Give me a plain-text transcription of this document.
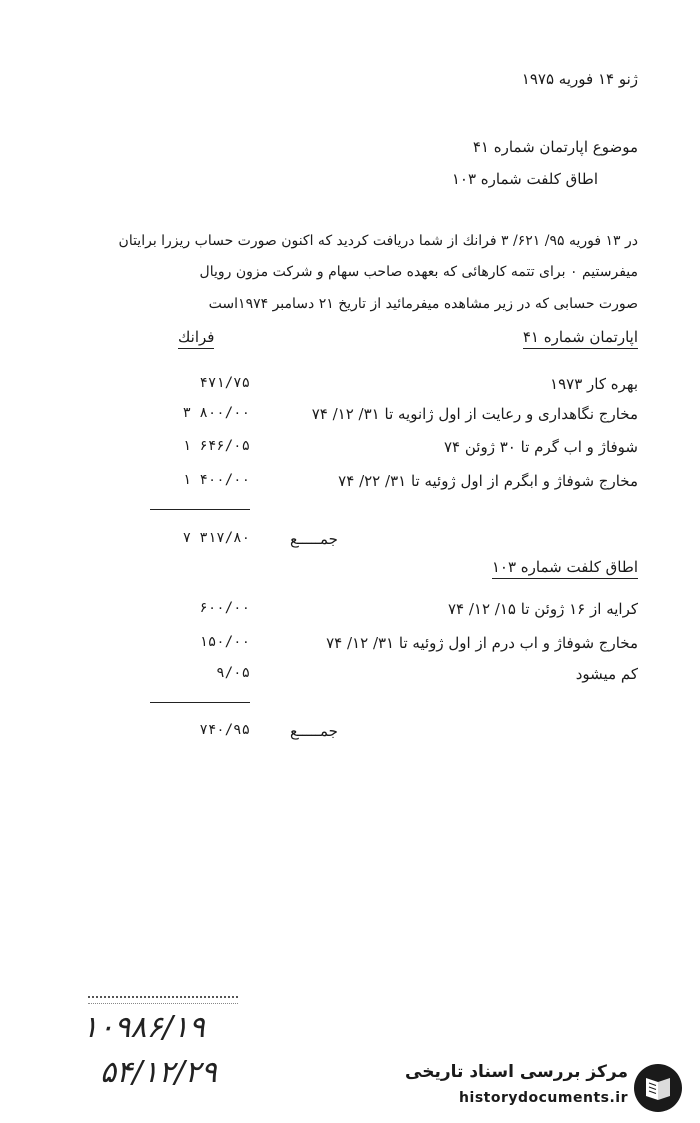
ژنو ۱۴ فوریه ۱۹۷۵
موضوع اپارتمان شماره ۴۱
اطاق کلفت شماره ۱۰۳
در ۱۳ فوریه ۹۵/ ۶۲۱/ ۳ فرانك از شما دریافت کردید که اکنون صورت حساب ریزرا برایتان
میفرستیم ۰ برای تتمه کارهائی که بعهده صاحب سهام و شرکت مزون رویال
صورت حسابی که در زیر مشاهده میفرمائید از تاریخ ۲۱ دسامبر ۱۹۷۴است
اپارتمان شماره ۴۱
فرانك
بهره کار ۱۹۷۳
۴۷۱/۷۵
مخارج نگاهداری و رعایت از اول ژانویه تا ۳۱/ ۱۲/ ۷۴
۳ ۸۰۰/۰۰
شوفاژ و اب گرم تا ۳۰ ژوئن ۷۴
۱ ۶۴۶/۰۵
مخارج شوفاژ و ابگرم از اول ژوئیه تا ۳۱/ ۲۲/ ۷۴
۱ ۴۰۰/۰۰
جمـــــع
۷ ۳۱۷/۸۰
اطاق کلفت شماره ۱۰۳
کرایه از ۱۶ ژوئن تا ۱۵/ ۱۲/ ۷۴
۶۰۰/۰۰
مخارج شوفاژ و اب درم از اول ژوئیه تا ۳۱/ ۱۲/ ۷۴
۱۵۰/۰۰
کم میشود
۹/۰۵
جمـــــع
۷۴۰/۹۵
۱۰۹۸۶/۱۹
۵۴/۱۲/۲۹	مرکز بررسی اسناد تاریخی
historydocuments.ir
